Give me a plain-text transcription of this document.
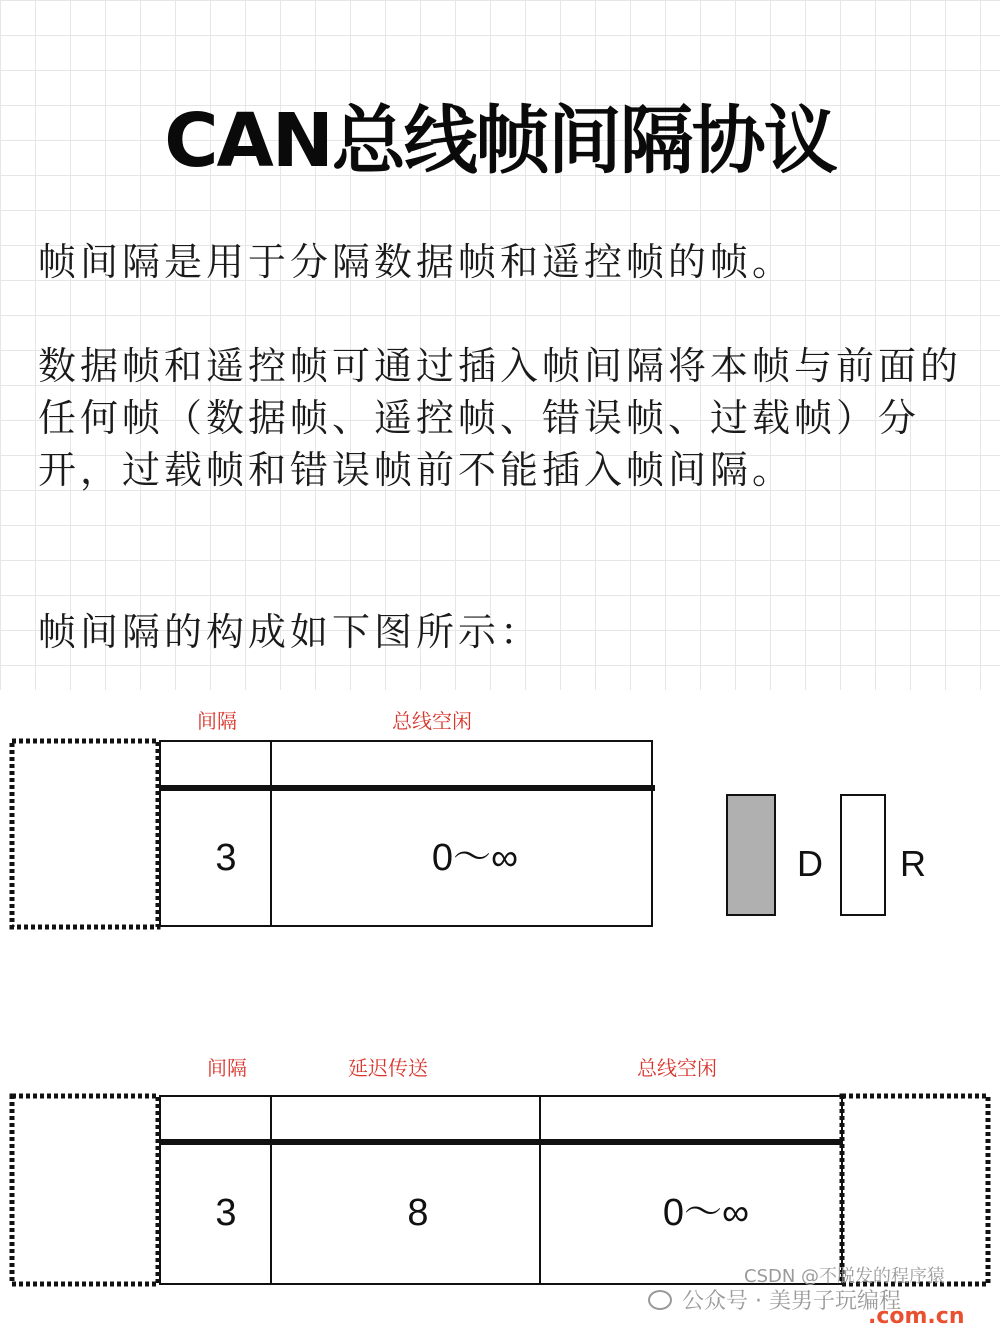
CAN总线帧间隔协议
帧间隔是用于分隔数据帧和遥控帧的帧。
数据帧和遥控帧可通过插入帧间隔将本帧与前面的任何帧（数据帧、遥控帧、错误帧、过载帧）分开，过载帧和错误帧前不能插入帧间隔。
帧间隔的构成如下图所示：
间隔	总线空闲
3	0～∞	D R
间隔	延迟传送	总线空闲
3	8	0～∞
CSDN @不脱发的程序猿
公众号 · 美男子玩编程
.com.cn
